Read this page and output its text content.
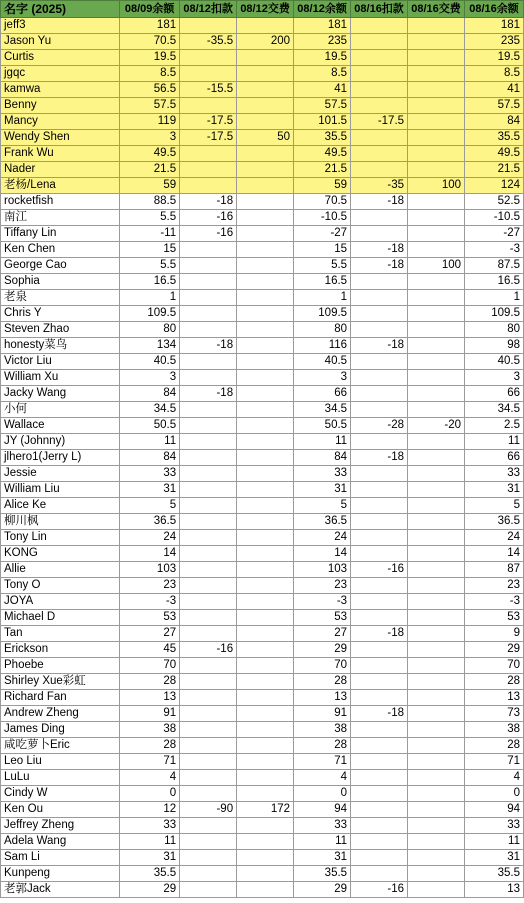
名字 (2025)	08/09余额	08/12扣款	08/12交费	08/12余额	08/16扣款	08/16交费	08/16余额
jeff3	181			181			181
Jason Yu	70.5	-35.5	200	235			235
Curtis	19.5			19.5			19.5
jgqc	8.5			8.5			8.5
kamwa	56.5	-15.5		41			41
Benny	57.5			57.5			57.5
Mancy	119	-17.5		101.5	-17.5		84
Wendy Shen	3	-17.5	50	35.5			35.5
Frank Wu	49.5			49.5			49.5
Nader	21.5			21.5			21.5
老杨/Lena	59			59	-35	100	124
rocketfish	88.5	-18		70.5	-18		52.5
南江	5.5	-16		-10.5			-10.5
Tiffany Lin	-11	-16		-27			-27
Ken Chen	15			15	-18		-3
George Cao	5.5			5.5	-18	100	87.5
Sophia	16.5			16.5			16.5
老泉	1			1			1
Chris Y	109.5			109.5			109.5
Steven Zhao	80			80			80
honesty菜鸟	134	-18		116	-18		98
Victor Liu	40.5			40.5			40.5
William Xu	3			3			3
Jacky Wang	84	-18		66			66
小何	34.5			34.5			34.5
Wallace	50.5			50.5	-28	-20	2.5
JY (Johnny)	11			11			11
jlhero1(Jerry L)	84			84	-18		66
Jessie	33			33			33
William Liu	31			31			31
Alice Ke	5			5			5
柳川枫	36.5			36.5			36.5
Tony Lin	24			24			24
KONG	14			14			14
Allie	103			103	-16		87
Tony O	23			23			23
JOYA	-3			-3			-3
Michael D	53			53			53
Tan	27			27	-18		9
Erickson	45	-16		29			29
Phoebe	70			70			70
Shirley Xue彩虹	28			28			28
Richard Fan	13			13			13
Andrew Zheng	91			91	-18		73
James Ding	38			38			38
咸吃萝卜Eric	28			28			28
Leo Liu	71			71			71
LuLu	4			4			4
Cindy W	0			0			0
Ken Ou	12	-90	172	94			94
Jeffrey Zheng	33			33			33
Adela Wang	11			11			11
Sam Li	31			31			31
Kunpeng	35.5			35.5			35.5
老郭Jack	29			29	-16		13
